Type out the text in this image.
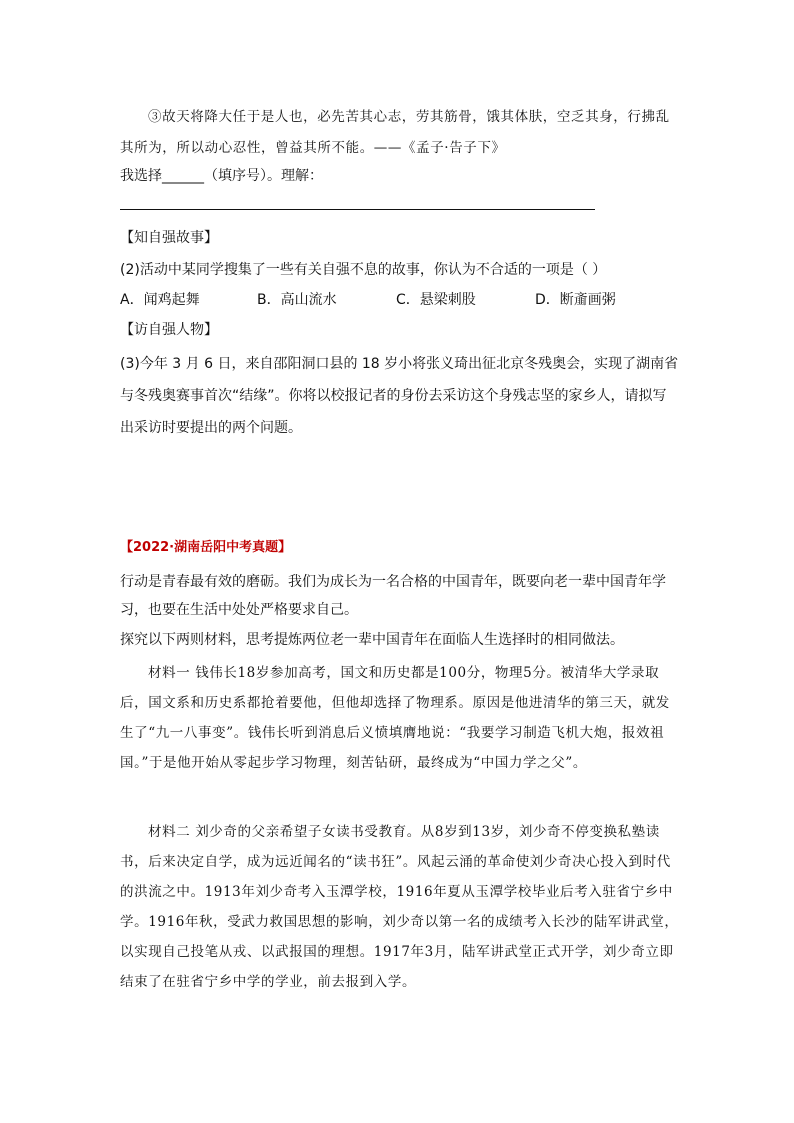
③故天将降大任于是人也，必先苦其心志，劳其筋骨，饿其体肤，空乏其身，行拂乱其所为，所以动心忍性，曾益其所不能。——《孟子·告子下》

我选择______（填序号）。理解：

【知自强故事】

(2)活动中某同学搜集了一些有关自强不息的故事，你认为不合适的一项是（ ）

A．闻鸡起舞	B．高山流水	C．悬梁刺股	D．断齑画粥

【访自强人物】

(3)今年 3 月 6 日，来自邵阳洞口县的 18 岁小将张义琦出征北京冬残奥会，实现了湖南省与冬残奥赛事首次“结缘”。你将以校报记者的身份去采访这个身残志坚的家乡人，请拟写出采访时要提出的两个问题。

【2022·湖南岳阳中考真题】

行动是青春最有效的磨砺。我们为成长为一名合格的中国青年，既要向老一辈中国青年学习，也要在生活中处处严格要求自己。

探究以下两则材料，思考提炼两位老一辈中国青年在面临人生选择时的相同做法。

材料一 钱伟长18岁参加高考，国文和历史都是100分，物理5分。被清华大学录取后，国文系和历史系都抢着要他，但他却选择了物理系。原因是他进清华的第三天，就发生了“九一八事变”。钱伟长听到消息后义愤填膺地说：“我要学习制造飞机大炮，报效祖国。”于是他开始从零起步学习物理，刻苦钻研，最终成为“中国力学之父”。

材料二 刘少奇的父亲希望子女读书受教育。从8岁到13岁，刘少奇不停变换私塾读书，后来决定自学，成为远近闻名的“读书狂”。风起云涌的革命使刘少奇决心投入到时代的洪流之中。1913年刘少奇考入玉潭学校，1916年夏从玉潭学校毕业后考入驻省宁乡中学。1916年秋，受武力救国思想的影响，刘少奇以第一名的成绩考入长沙的陆军讲武堂，以实现自己投笔从戎、以武报国的理想。1917年3月，陆军讲武堂正式开学，刘少奇立即结束了在驻省宁乡中学的学业，前去报到入学。
